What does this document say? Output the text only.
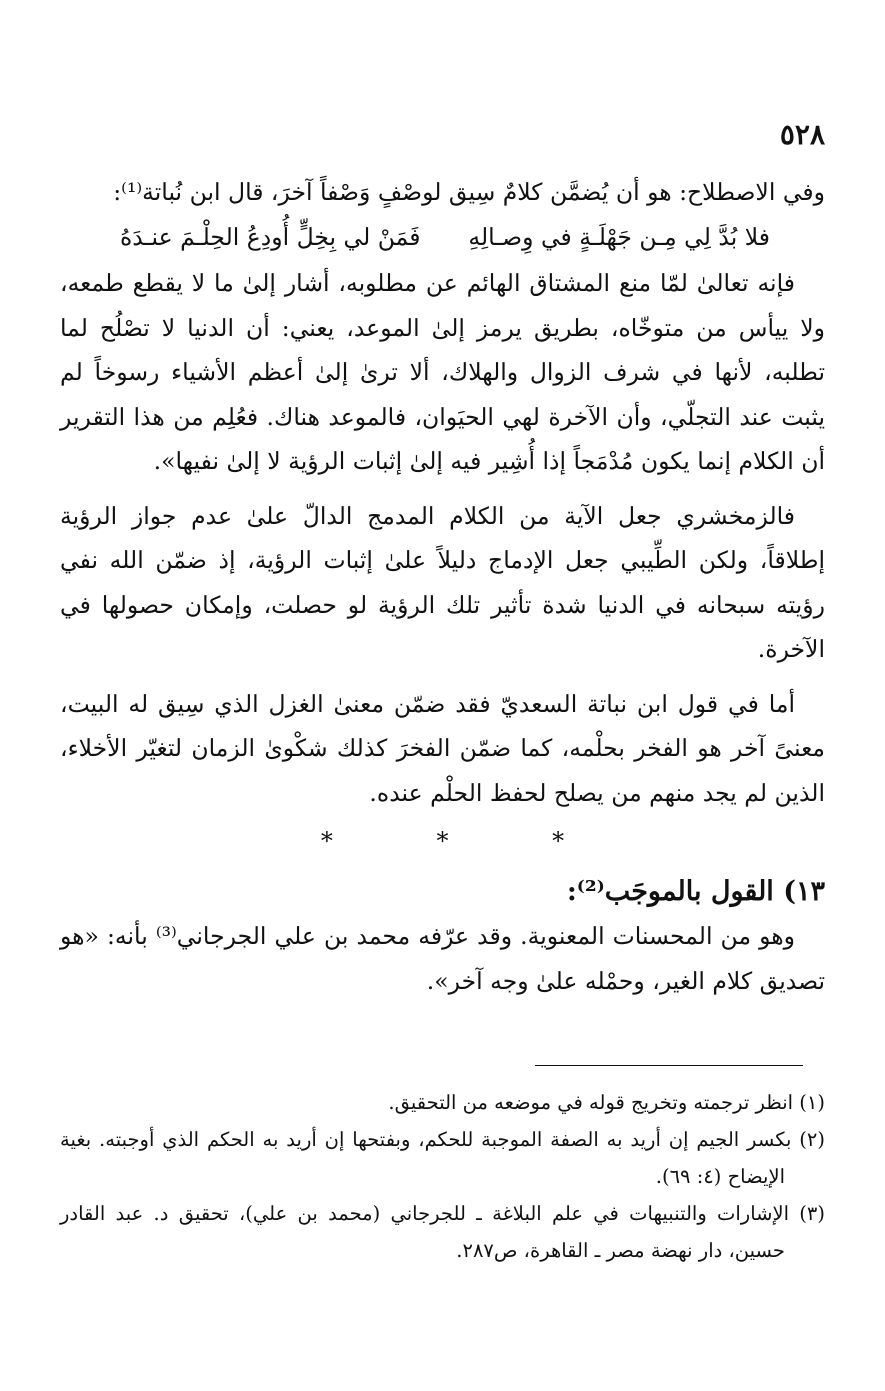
٥٢٨

وفي الاصطلاح: هو أن يُضمَّن كلامٌ سِيق لوصْفٍ وَصْفاً آخرَ، قال ابن نُباتة⁽¹⁾:

فلا بُدَّ لِي مِـن جَهْلَـةٍ في وِصـالِهِ
فَمَنْ لي بِخِلٍّ أُودِعُ الحِلْـمَ عنـدَهُ

فإنه تعالىٰ لمّا منع المشتاق الهائم عن مطلوبه، أشار إلىٰ ما لا يقطع طمعه، ولا ييأس من متوخّاه، بطريق يرمز إلىٰ الموعد، يعني: أن الدنيا لا تصْلُح لما تطلبه، لأنها في شرف الزوال والهلاك، ألا ترىٰ إلىٰ أعظم الأشياء رسوخاً لم يثبت عند التجلّي، وأن الآخرة لهي الحيَوان، فالموعد هناك. فعُلِم من هذا التقرير أن الكلام إنما يكون مُدْمَجاً إذا أُشِير فيه إلىٰ إثبات الرؤية لا إلىٰ نفيها».

فالزمخشري جعل الآية من الكلام المدمج الدالّ علىٰ عدم جواز الرؤية إطلاقاً، ولكن الطِّيبي جعل الإدماج دليلاً علىٰ إثبات الرؤية، إذ ضمّن الله نفي رؤيته سبحانه في الدنيا شدة تأثير تلك الرؤية لو حصلت، وإمكان حصولها في الآخرة.

أما في قول ابن نباتة السعديّ فقد ضمّن معنىٰ الغزل الذي سِيق له البيت، معنىً آخر هو الفخر بحلْمه، كما ضمّن الفخرَ كذلك شكْوىٰ الزمان لتغيّر الأخلاء، الذين لم يجد منهم من يصلح لحفظ الحلْم عنده.

* * *

١٣) القول بالموجَب⁽²⁾:

وهو من المحسنات المعنوية. وقد عرّفه محمد بن علي الجرجاني⁽³⁾ بأنه: «هو تصديق كلام الغير، وحمْله علىٰ وجه آخر».

(١) انظر ترجمته وتخريج قوله في موضعه من التحقيق.

(٢) بكسر الجيم إن أريد به الصفة الموجبة للحكم، وبفتحها إن أريد به الحكم الذي أوجبته. بغية الإيضاح (٤: ٦٩).

(٣) الإشارات والتنبيهات في علم البلاغة ـ للجرجاني (محمد بن علي)، تحقيق د. عبد القادر حسين، دار نهضة مصر ـ القاهرة، ص٢٨٧.
